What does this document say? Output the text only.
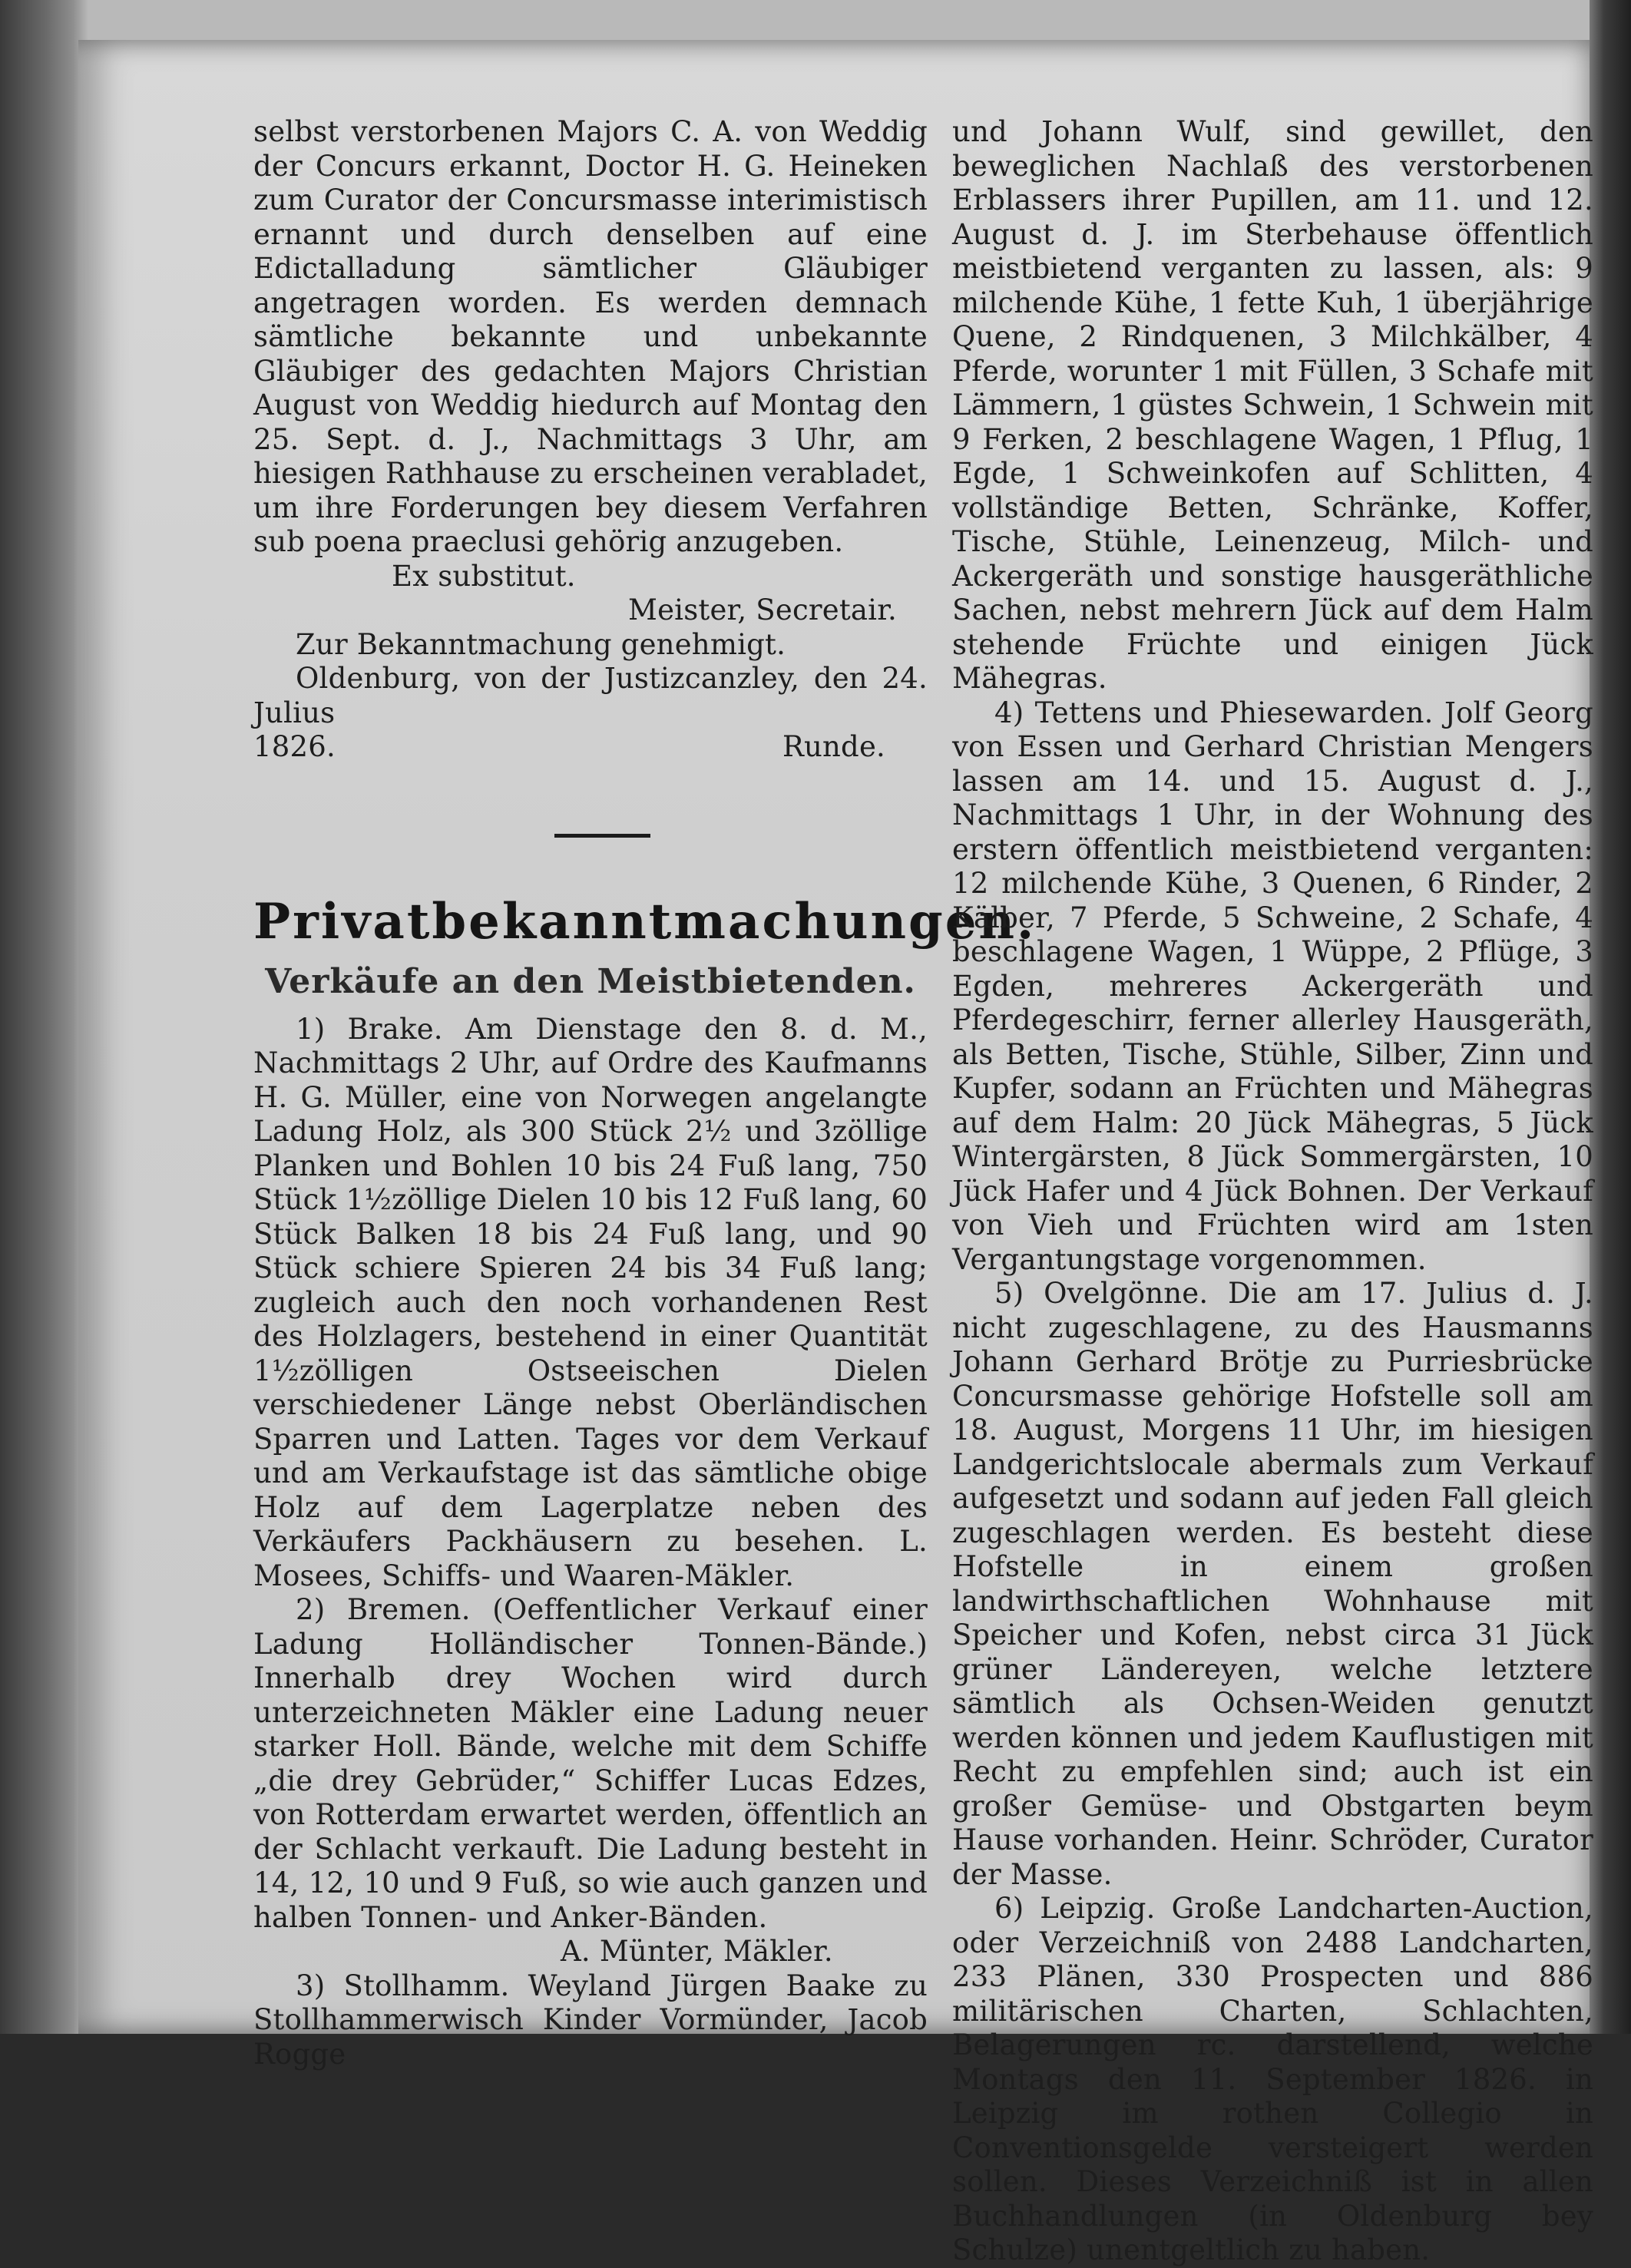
selbst verstorbenen Majors C. A. von Weddig der Concurs erkannt, Doctor H. G. Heineken zum Curator der Concursmasse interimistisch ernannt und durch denselben auf eine Edictalladung sämtlicher Gläubiger angetragen worden. Es werden demnach sämtliche bekannte und unbekannte Gläubiger des gedachten Majors Christian August von Weddig hiedurch auf Montag den 25. Sept. d. J., Nachmittags 3 Uhr, am hiesigen Rathhause zu erscheinen verabladet, um ihre Forderungen bey diesem Verfahren sub poena praeclusi gehörig anzugeben.

Ex substitut.

Meister, Secretair.

Zur Bekanntmachung genehmigt.

Oldenburg, von der Justizcanzley, den 24. Julius

1826.	Runde.
Privatbekanntmachungen.
Verkäufe an den Meistbietenden.

1) Brake. Am Dienstage den 8. d. M., Nachmittags 2 Uhr, auf Ordre des Kaufmanns H. G. Müller, eine von Norwegen angelangte Ladung Holz, als 300 Stück 2½ und 3zöllige Planken und Bohlen 10 bis 24 Fuß lang, 750 Stück 1½zöllige Dielen 10 bis 12 Fuß lang, 60 Stück Balken 18 bis 24 Fuß lang, und 90 Stück schiere Spieren 24 bis 34 Fuß lang; zugleich auch den noch vorhandenen Rest des Holzlagers, bestehend in einer Quantität 1½zölligen Ostseeischen Dielen verschiedener Länge nebst Oberländischen Sparren und Latten. Tages vor dem Verkauf und am Verkaufstage ist das sämtliche obige Holz auf dem Lagerplatze neben des Verkäufers Packhäusern zu besehen. L. Mosees, Schiffs- und Waaren-Mäkler.

2) Bremen. (Oeffentlicher Verkauf einer Ladung Holländischer Tonnen-Bände.) Innerhalb drey Wochen wird durch unterzeichneten Mäkler eine Ladung neuer starker Holl. Bände, welche mit dem Schiffe „die drey Gebrüder,“ Schiffer Lucas Edzes, von Rotterdam erwartet werden, öffentlich an der Schlacht verkauft. Die Ladung besteht in 14, 12, 10 und 9 Fuß, so wie auch ganzen und halben Tonnen- und Anker-Bänden.

A. Münter, Mäkler.

3) Stollhamm. Weyland Jürgen Baake zu Stollhammerwisch Kinder Vormünder, Jacob Rogge

und Johann Wulf, sind gewillet, den beweglichen Nachlaß des verstorbenen Erblassers ihrer Pupillen, am 11. und 12. August d. J. im Sterbehause öffentlich meistbietend verganten zu lassen, als: 9 milchende Kühe, 1 fette Kuh, 1 überjährige Quene, 2 Rindquenen, 3 Milchkälber, 4 Pferde, worunter 1 mit Füllen, 3 Schafe mit Lämmern, 1 güstes Schwein, 1 Schwein mit 9 Ferken, 2 beschlagene Wagen, 1 Pflug, 1 Egde, 1 Schweinkofen auf Schlitten, 4 vollständige Betten, Schränke, Koffer, Tische, Stühle, Leinenzeug, Milch- und Ackergeräth und sonstige hausgeräthliche Sachen, nebst mehrern Jück auf dem Halm stehende Früchte und einigen Jück Mähegras.

4) Tettens und Phiesewarden. Jolf Georg von Essen und Gerhard Christian Mengers lassen am 14. und 15. August d. J., Nachmittags 1 Uhr, in der Wohnung des erstern öffentlich meistbietend verganten: 12 milchende Kühe, 3 Quenen, 6 Rinder, 2 Kälber, 7 Pferde, 5 Schweine, 2 Schafe, 4 beschlagene Wagen, 1 Wüppe, 2 Pflüge, 3 Egden, mehreres Ackergeräth und Pferdegeschirr, ferner allerley Hausgeräth, als Betten, Tische, Stühle, Silber, Zinn und Kupfer, sodann an Früchten und Mähegras auf dem Halm: 20 Jück Mähegras, 5 Jück Wintergärsten, 8 Jück Sommergärsten, 10 Jück Hafer und 4 Jück Bohnen. Der Verkauf von Vieh und Früchten wird am 1sten Vergantungstage vorgenommen.

5) Ovelgönne. Die am 17. Julius d. J. nicht zugeschlagene, zu des Hausmanns Johann Gerhard Brötje zu Purriesbrücke Concursmasse gehörige Hofstelle soll am 18. August, Morgens 11 Uhr, im hiesigen Landgerichtslocale abermals zum Verkauf aufgesetzt und sodann auf jeden Fall gleich zugeschlagen werden. Es besteht diese Hofstelle in einem großen landwirthschaftlichen Wohnhause mit Speicher und Kofen, nebst circa 31 Jück grüner Ländereyen, welche letztere sämtlich als Ochsen-Weiden genutzt werden können und jedem Kauflustigen mit Recht zu empfehlen sind; auch ist ein großer Gemüse- und Obstgarten beym Hause vorhanden. Heinr. Schröder, Curator der Masse.

6) Leipzig. Große Landcharten-Auction, oder Verzeichniß von 2488 Landcharten, 233 Plänen, 330 Prospecten und 886 militärischen Charten, Schlachten, Belagerungen rc. darstellend, welche Montags den 11. September 1826. in Leipzig im rothen Collegio in Conventionsgelde versteigert werden sollen. Dieses Verzeichniß ist in allen Buchhandlungen (in Oldenburg bey Schulze) unentgeltlich zu haben.
